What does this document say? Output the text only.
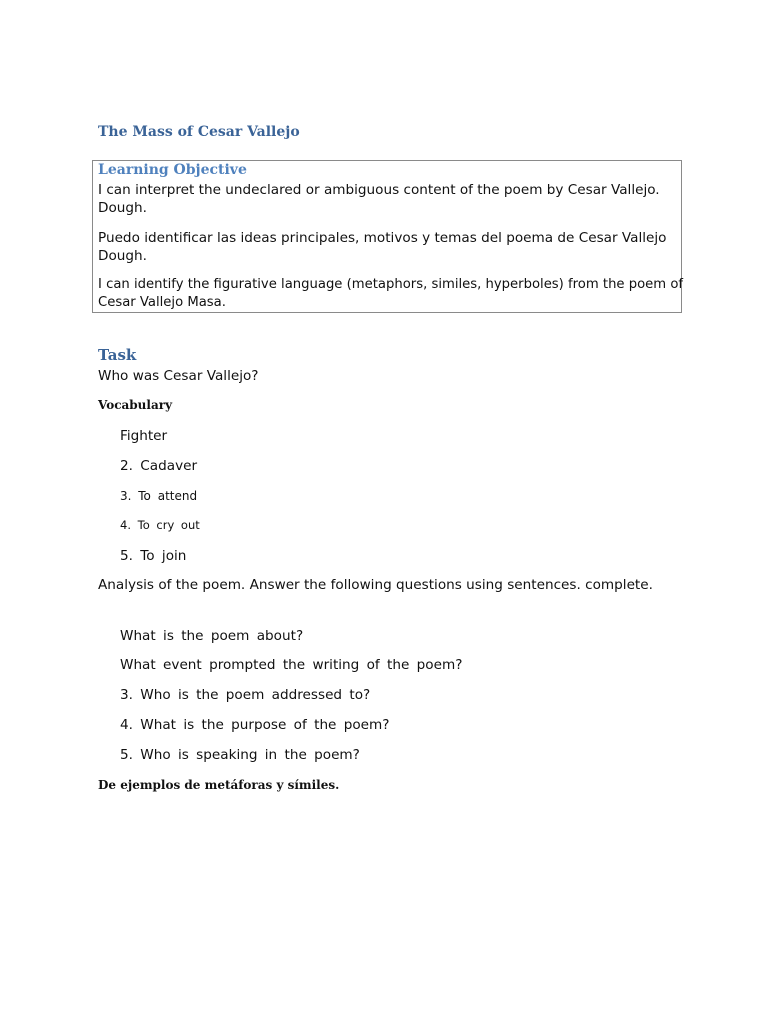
The Mass of Cesar Vallejo
Learning Objective

I can interpret the undeclared or ambiguous content of the poem by Cesar Vallejo. Dough.

Puedo identificar las ideas principales, motivos y temas del poema de Cesar Vallejo Dough.

I can identify the figurative language (metaphors, similes, hyperboles) from the poem of Cesar Vallejo Masa.

Task

Who was Cesar Vallejo?

Vocabulary
Fighter
2. Cadaver
3. To attend
4. To cry out
5. To join

Analysis of the poem. Answer the following questions using sentences. complete.

What is the poem about?
What event prompted the writing of the poem?
3. Who is the poem addressed to?
4. What is the purpose of the poem?
5. Who is speaking in the poem?
De ejemplos de metáforas y símiles.
